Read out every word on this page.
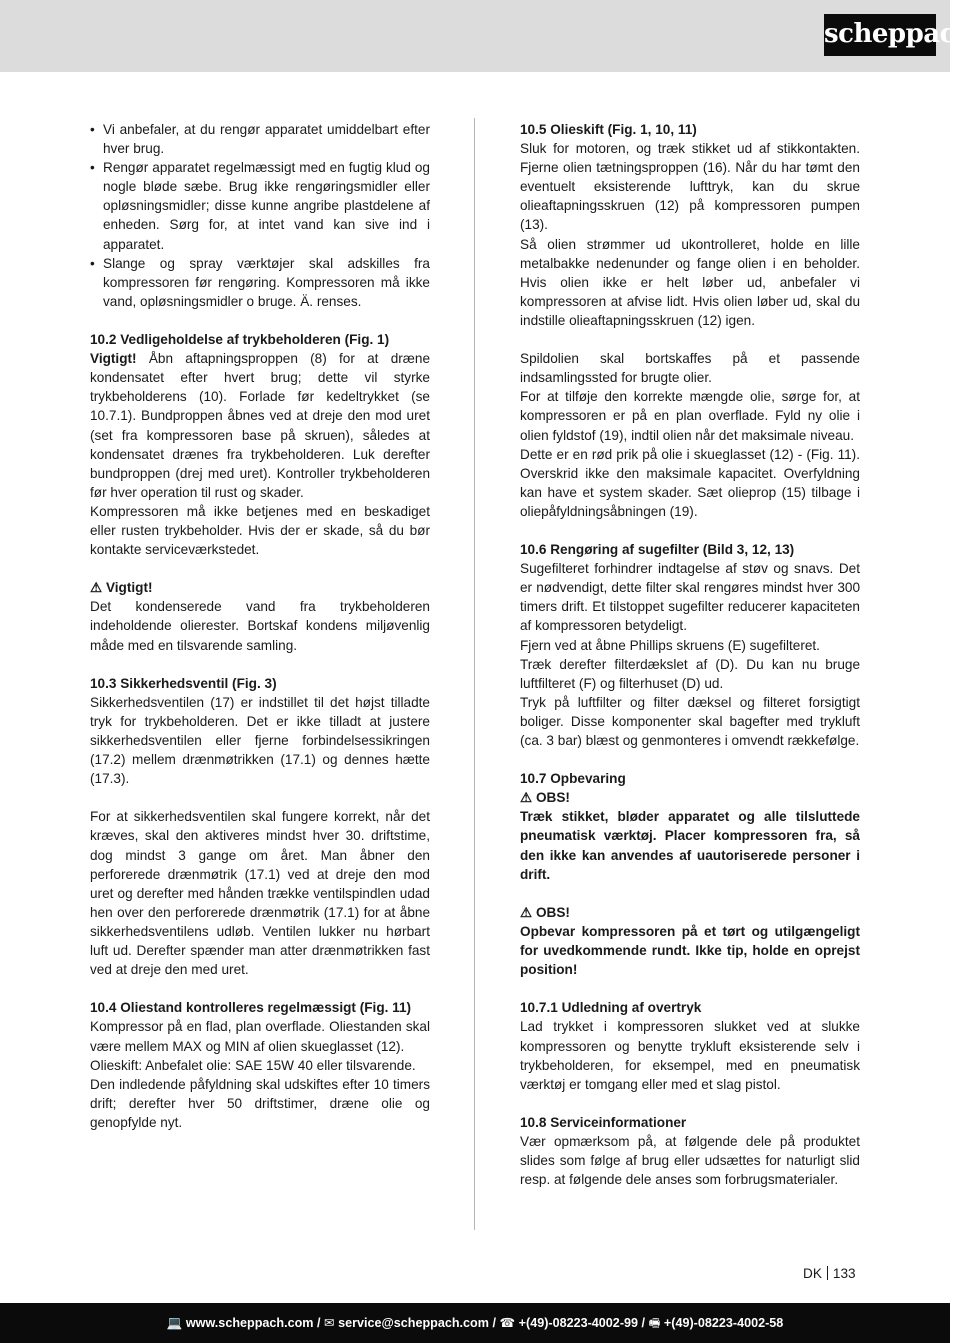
scheppach
• Vi anbefaler, at du rengør apparatet umiddelbart efter hver brug.
• Rengør apparatet regelmæssigt med en fugtig klud og nogle bløde sæbe. Brug ikke rengøringsmidler eller opløsningsmidler; disse kunne angribe plastdelene af enheden. Sørg for, at intet vand kan sive ind i apparatet.
• Slange og spray værktøjer skal adskilles fra kompressoren før rengøring. Kompressoren må ikke vand, opløsningsmidler o bruge. Ä. renses.
10.2 Vedligeholdelse af trykbeholderen (Fig. 1)

Vigtigt! Åbn aftapningsproppen (8) for at dræne kondensatet efter hvert brug; dette vil styrke trykbeholderens (10). Forlade før kedeltrykket (se 10.7.1). Bundproppen åbnes ved at dreje den mod uret (set fra kompressoren base på skruen), således at kondensatet drænes fra trykbeholderen. Luk derefter bundproppen (drej med uret). Kontroller trykbeholderen før hver operation til rust og skader.

Kompressoren må ikke betjenes med en beskadiget eller rusten trykbeholder. Hvis der er skade, så du bør kontakte serviceværkstedet.

⚠ Vigtigt!

Det kondenserede vand fra trykbeholderen indeholdende olierester. Bortskaf kondens miljøvenlig måde med en tilsvarende samling.

10.3 Sikkerhedsventil (Fig. 3)

Sikkerhedsventilen (17) er indstillet til det højst tilladte tryk for trykbeholderen. Det er ikke tilladt at justere sikkerhedsventilen eller fjerne forbindelsessikringen (17.2) mellem drænmøtrikken (17.1) og dennes hætte (17.3).

For at sikkerhedsventilen skal fungere korrekt, når det kræves, skal den aktiveres mindst hver 30. driftstime, dog mindst 3 gange om året. Man åbner den perforerede drænmøtrik (17.1) ved at dreje den mod uret og derefter med hånden trække ventilspindlen udad hen over den perforerede drænmøtrik (17.1) for at åbne sikkerhedsventilens udløb. Ventilen lukker nu hørbart luft ud. Derefter spænder man atter drænmøtrikken fast ved at dreje den med uret.

10.4 Oliestand kontrolleres regelmæssigt (Fig. 11)

Kompressor på en flad, plan overflade. Oliestanden skal være mellem MAX og MIN af olien skueglasset (12).

Olieskift: Anbefalet olie: SAE 15W 40 eller tilsvarende.

Den indledende påfyldning skal udskiftes efter 10 timers drift; derefter hver 50 driftstimer, dræne olie og genopfylde nyt.

10.5 Olieskift (Fig. 1, 10, 11)

Sluk for motoren, og træk stikket ud af stikkontakten. Fjerne olien tætningsproppen (16). Når du har tømt den eventuelt eksisterende lufttryk, kan du skrue olieaftapningsskruen (12) på kompressoren pumpen (13).

Så olien strømmer ud ukontrolleret, holde en lille metalbakke nedenunder og fange olien i en beholder. Hvis olien ikke er helt løber ud, anbefaler vi kompressoren at afvise lidt. Hvis olien løber ud, skal du indstille olieaftapningsskruen (12) igen.

Spildolien skal bortskaffes på et passende indsamlingssted for brugte olier.

For at tilføje den korrekte mængde olie, sørge for, at kompressoren er på en plan overflade. Fyld ny olie i olien fyldstof (19), indtil olien når det maksimale niveau.

Dette er en rød prik på olie i skueglasset (12) - (Fig. 11). Overskrid ikke den maksimale kapacitet. Overfyldning kan have et system skader. Sæt olieprop (15) tilbage i oliepåfyldningsåbningen (19).

10.6 Rengøring af sugefilter (Bild 3, 12, 13)

Sugefilteret forhindrer indtagelse af støv og snavs. Det er nødvendigt, dette filter skal rengøres mindst hver 300 timers drift. Et tilstoppet sugefilter reducerer kapaciteten af kompressoren betydeligt.

Fjern ved at åbne Phillips skruens (E) sugefilteret.

Træk derefter filterdækslet af (D). Du kan nu bruge luftfilteret (F) og filterhuset (D) ud.

Tryk på luftfilter og filter dæksel og filteret forsigtigt boliger. Disse komponenter skal bagefter med trykluft (ca. 3 bar) blæst og genmonteres i omvendt rækkefølge.

10.7 Opbevaring
⚠ OBS!

Træk stikket, bløder apparatet og alle tilsluttede pneumatisk værktøj. Placer kompressoren fra, så den ikke kan anvendes af uautoriserede personer i drift.

⚠ OBS!

Opbevar kompressoren på et tørt og utilgængeligt for uvedkommende rundt. Ikke tip, holde en oprejst position!

10.7.1 Udledning af overtryk

Lad trykket i kompressoren slukket ved at slukke kompressoren og benytte trykluft eksisterende selv i trykbeholderen, for eksempel, med en pneumatisk værktøj er tomgang eller med et slag pistol.

10.8 Serviceinformationer

Vær opmærksom på, at følgende dele på produktet slides som følge af brug eller udsættes for naturligt slid resp. at følgende dele anses som forbrugsmaterialer.

DK 133
💻 www.scheppach.com / ✉ service@scheppach.com / ☎ +(49)-08223-4002-99 / 🖷 +(49)-08223-4002-58
